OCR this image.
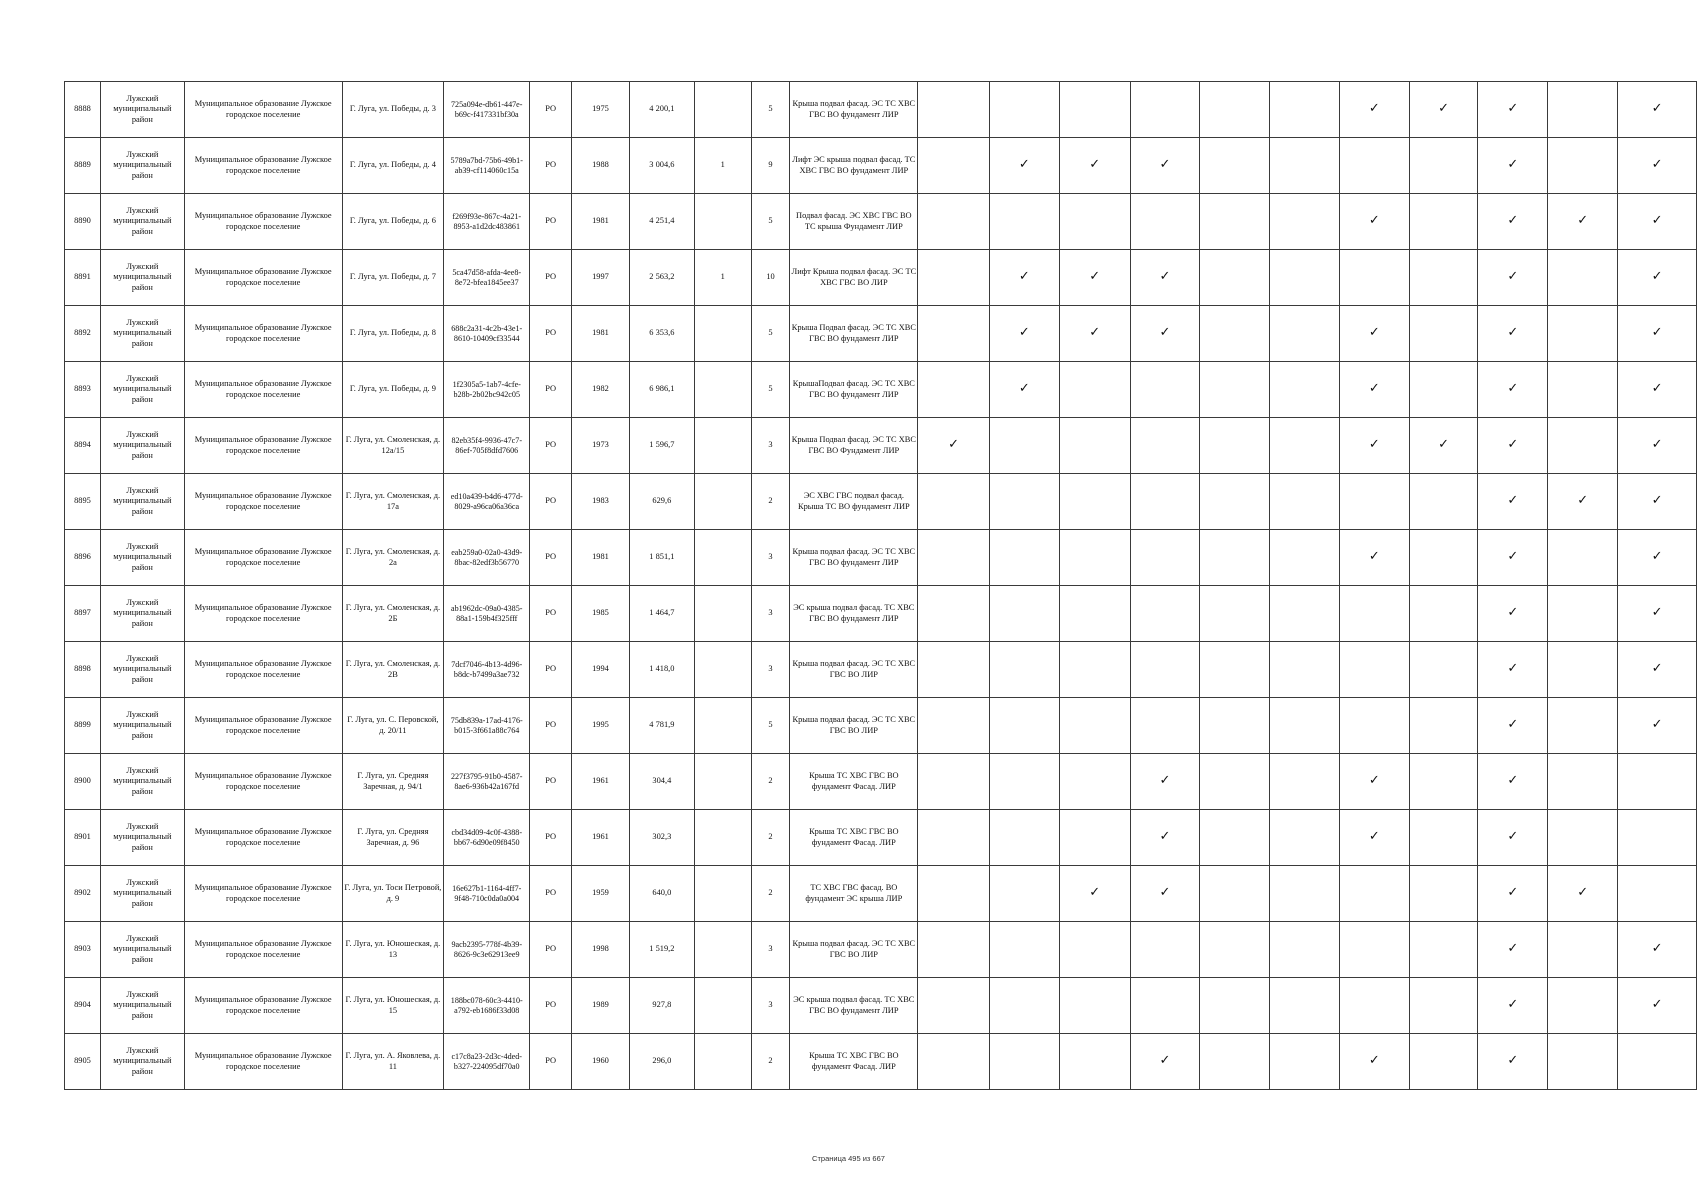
8888	Лужский муниципальный район	Муниципальное образование Лужское городское поселение	Г. Луга, ул. Победы, д. 3	725a094e-db61-447e-b69c-f417331bf30a	РО	1975	4 200,1		5	Крыша подвал фасад. ЭС ТС ХВС ГВС ВО фундамент ЛИР							✓	✓	✓		✓
8889	Лужский муниципальный район	Муниципальное образование Лужское городское поселение	Г. Луга, ул. Победы, д. 4	5789a7bd-75b6-49b1-ab39-cf114060c15a	РО	1988	3 004,6	1	9	Лифт ЭС крыша подвал фасад. ТС ХВС ГВС ВО фундамент ЛИР		✓	✓	✓					✓		✓
8890	Лужский муниципальный район	Муниципальное образование Лужское городское поселение	Г. Луга, ул. Победы, д. 6	f269f93e-867c-4a21-8953-a1d2dc483861	РО	1981	4 251,4		5	Подвал фасад. ЭС ХВС ГВС ВО ТС крыша Фундамент ЛИР							✓		✓	✓	✓
8891	Лужский муниципальный район	Муниципальное образование Лужское городское поселение	Г. Луга, ул. Победы, д. 7	5ca47d58-afda-4ee8-8e72-bfea1845ee37	РО	1997	2 563,2	1	10	Лифт Крыша подвал фасад. ЭС ТС ХВС ГВС ВО ЛИР		✓	✓	✓					✓		✓
8892	Лужский муниципальный район	Муниципальное образование Лужское городское поселение	Г. Луга, ул. Победы, д. 8	688c2a31-4c2b-43e1-8610-10409cf33544	РО	1981	6 353,6		5	Крыша Подвал фасад. ЭС ТС ХВС ГВС ВО фундамент ЛИР		✓	✓	✓			✓		✓		✓
8893	Лужский муниципальный район	Муниципальное образование Лужское городское поселение	Г. Луга, ул. Победы, д. 9	1f2305a5-1ab7-4cfe-b28b-2b02bc942c05	РО	1982	6 986,1		5	КрышаПодвал фасад. ЭС ТС ХВС ГВС ВО фундамент ЛИР		✓					✓		✓		✓
8894	Лужский муниципальный район	Муниципальное образование Лужское городское поселение	Г. Луга, ул. Смоленская, д. 12а/15	82eb35f4-9936-47c7-86ef-705f8dfd7606	РО	1973	1 596,7		3	Крыша Подвал фасад. ЭС ТС ХВС ГВС ВО Фундамент ЛИР	✓						✓	✓	✓		✓
8895	Лужский муниципальный район	Муниципальное образование Лужское городское поселение	Г. Луга, ул. Смоленская, д. 17а	ed10a439-b4d6-477d-8029-a96ca06a36ca	РО	1983	629,6		2	ЭС ХВС ГВС подвал фасад. Крыша ТС ВО фундамент ЛИР									✓	✓	✓
8896	Лужский муниципальный район	Муниципальное образование Лужское городское поселение	Г. Луга, ул. Смоленская, д. 2а	eab259a0-02a0-43d9-8bac-82edf3b56770	РО	1981	1 851,1		3	Крыша подвал фасад. ЭС ТС ХВС ГВС ВО фундамент ЛИР							✓		✓		✓
8897	Лужский муниципальный район	Муниципальное образование Лужское городское поселение	Г. Луга, ул. Смоленская, д. 2Б	ab1962dc-09a0-4385-88a1-159b4f325fff	РО	1985	1 464,7		3	ЭС крыша подвал фасад. ТС ХВС ГВС ВО фундамент ЛИР									✓		✓
8898	Лужский муниципальный район	Муниципальное образование Лужское городское поселение	Г. Луга, ул. Смоленская, д. 2В	7dcf7046-4b13-4d96-b8dc-b7499a3ae732	РО	1994	1 418,0		3	Крыша подвал фасад. ЭС ТС ХВС ГВС ВО ЛИР									✓		✓
8899	Лужский муниципальный район	Муниципальное образование Лужское городское поселение	Г. Луга, ул. С. Перовской, д. 20/11	75db839a-17ad-4176-b015-3f661a88c764	РО	1995	4 781,9		5	Крыша подвал фасад. ЭС ТС ХВС ГВС ВО ЛИР									✓		✓
8900	Лужский муниципальный район	Муниципальное образование Лужское городское поселение	Г. Луга, ул. Средняя Заречная, д. 94/1	227f3795-91b0-4587-8ae6-936b42a167fd	РО	1961	304,4		2	Крыша ТС ХВС ГВС ВО фундамент Фасад. ЛИР				✓			✓		✓		
8901	Лужский муниципальный район	Муниципальное образование Лужское городское поселение	Г. Луга, ул. Средняя Заречная, д. 96	cbd34d09-4c0f-4388-bb67-6d90e09f8450	РО	1961	302,3		2	Крыша ТС ХВС ГВС ВО фундамент Фасад. ЛИР				✓			✓		✓		
8902	Лужский муниципальный район	Муниципальное образование Лужское городское поселение	Г. Луга, ул. Тоси Петровой, д. 9	16e627b1-1164-4ff7-9f48-710c0da0a004	РО	1959	640,0		2	ТС ХВС ГВС фасад. ВО фундамент ЭС крыша ЛИР			✓	✓					✓	✓	
8903	Лужский муниципальный район	Муниципальное образование Лужское городское поселение	Г. Луга, ул. Юношеская, д. 13	9acb2395-778f-4b39-8626-9c3e62913ee9	РО	1998	1 519,2		3	Крыша подвал фасад. ЭС ТС ХВС ГВС ВО ЛИР									✓		✓
8904	Лужский муниципальный район	Муниципальное образование Лужское городское поселение	Г. Луга, ул. Юношеская, д. 15	188bc078-60c3-4410-a792-eb1686f33d08	РО	1989	927,8		3	ЭС крыша подвал фасад. ТС ХВС ГВС ВО фундамент ЛИР									✓		✓
8905	Лужский муниципальный район	Муниципальное образование Лужское городское поселение	Г. Луга, ул. А. Яковлева, д. 11	c17c8a23-2d3c-4ded-b327-224095df70a0	РО	1960	296,0		2	Крыша ТС ХВС ГВС ВО фундамент Фасад. ЛИР				✓			✓		✓		
Страница 495 из 667
